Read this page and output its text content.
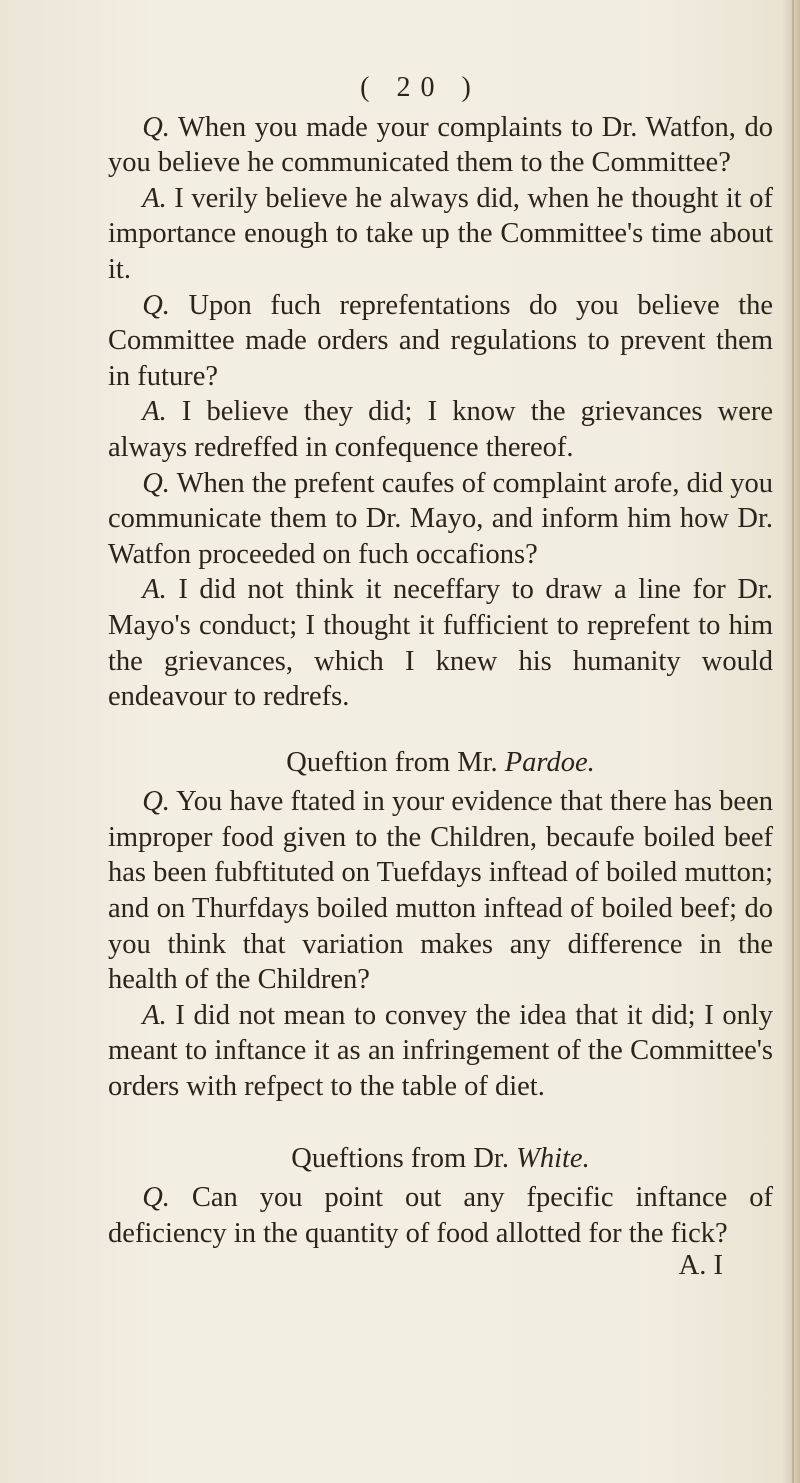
( 20 )

Q. When you made your complaints to Dr. Watfon, do you believe he communicated them to the Committee?

A. I verily believe he always did, when he thought it of importance enough to take up the Committee's time about it.

Q. Upon fuch reprefentations do you believe the Committee made orders and regulations to prevent them in future?

A. I believe they did; I know the grievances were always redreffed in confequence thereof.

Q. When the prefent caufes of complaint arofe, did you communicate them to Dr. Mayo, and inform him how Dr. Watfon proceeded on fuch occafions?

A. I did not think it neceffary to draw a line for Dr. Mayo's conduct; I thought it fufficient to reprefent to him the grievances, which I knew his humanity would endeavour to redrefs.

Queftion from Mr. Pardoe.

Q. You have ftated in your evidence that there has been improper food given to the Children, becaufe boiled beef has been fubftituted on Tuefdays inftead of boiled mutton; and on Thurfdays boiled mutton inftead of boiled beef; do you think that variation makes any difference in the health of the Children?

A. I did not mean to convey the idea that it did; I only meant to inftance it as an infringement of the Committee's orders with refpect to the table of diet.

Queftions from Dr. White.

Q. Can you point out any fpecific inftance of deficiency in the quantity of food allotted for the fick?

A. I
